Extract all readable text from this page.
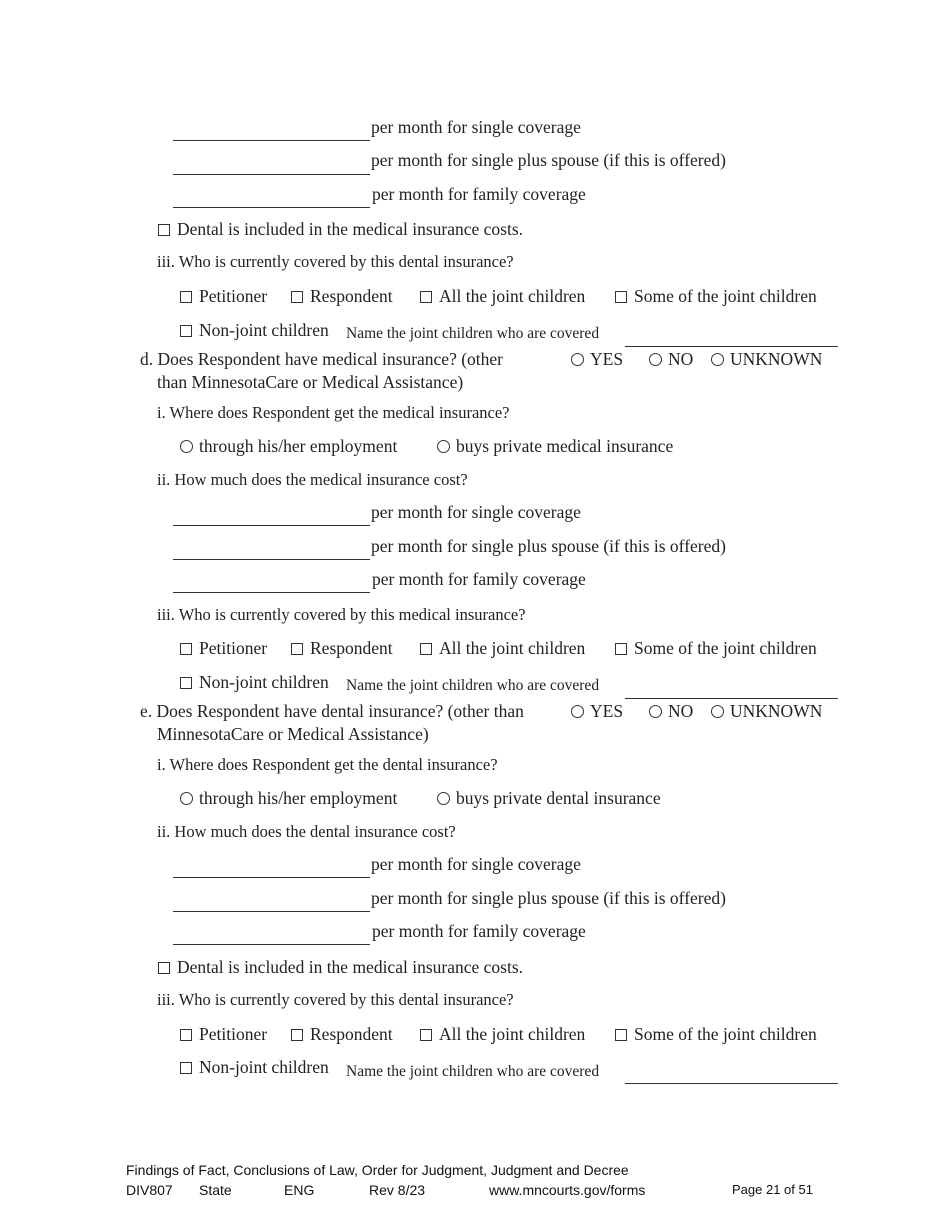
per month for single coverage
per month for single plus spouse (if this is offered)
per month for family coverage
Dental is included in the medical insurance costs.
iii. Who is currently covered by this dental insurance?
Petitioner	Respondent	All the joint children	Some of the joint children
Non-joint children Name the joint children who are covered
d. Does Respondent have medical insurance? (other
than MinnesotaCare or Medical Assistance)
YES	NO	UNKNOWN
i. Where does Respondent get the medical insurance?
through his/her employment	buys private medical insurance
ii. How much does the medical insurance cost?
per month for single coverage
per month for single plus spouse (if this is offered)
per month for family coverage
iii. Who is currently covered by this medical insurance?
Petitioner	Respondent	All the joint children	Some of the joint children
Non-joint children Name the joint children who are covered
e. Does Respondent have dental insurance? (other than
MinnesotaCare or Medical Assistance)
YES	NO	UNKNOWN
i. Where does Respondent get the dental insurance?
through his/her employment	buys private dental insurance
ii. How much does the dental insurance cost?
per month for single coverage
per month for single plus spouse (if this is offered)
per month for family coverage
Dental is included in the medical insurance costs.
iii. Who is currently covered by this dental insurance?
Petitioner	Respondent	All the joint children	Some of the joint children
Non-joint children Name the joint children who are covered
Findings of Fact, Conclusions of Law, Order for Judgment, Judgment and Decree
DIV807 State	ENG	Rev 8/23	www.mncourts.gov/forms	Page 21 of 51
